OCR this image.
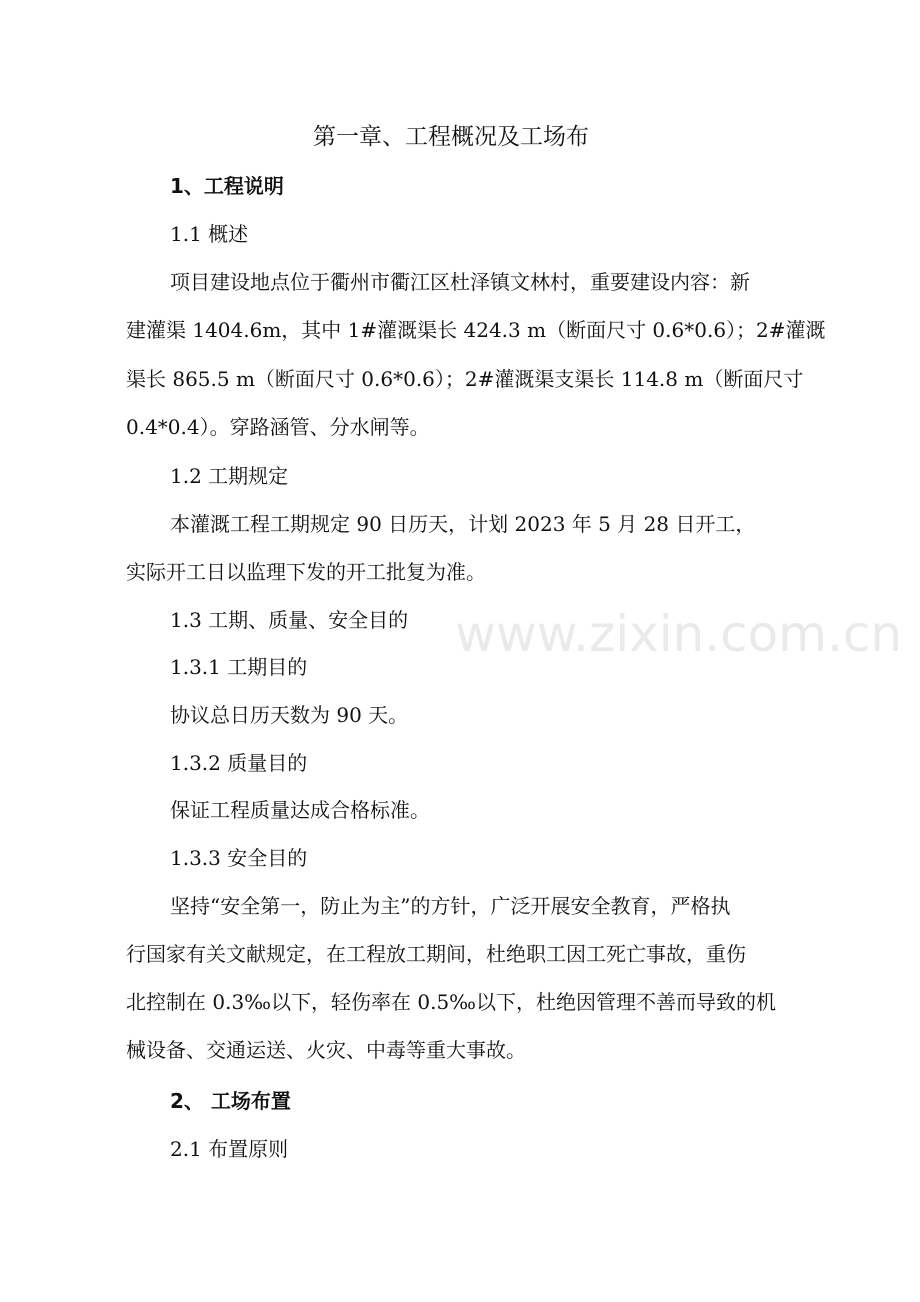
第一章、工程概况及工场布
1、工程说明
1.1 概述
项目建设地点位于衢州市衢江区杜泽镇文林村，重要建设内容：新
建灌渠 1404.6m，其中 1#灌溉渠长 424.3 m（断面尺寸 0.6*0.6）；2#灌溉
渠长 865.5 m（断面尺寸 0.6*0.6）；2#灌溉渠支渠长 114.8 m（断面尺寸
0.4*0.4）。穿路涵管、分水闸等。
1.2 工期规定
本灌溉工程工期规定 90 日历天，计划 2023 年 5 月 28 日开工，
实际开工日以监理下发的开工批复为准。
1.3 工期、质量、安全目的
1.3.1 工期目的
协议总日历天数为 90 天。
1.3.2 质量目的
保证工程质量达成合格标准。
1.3.3 安全目的
坚持“安全第一，防止为主”的方针，广泛开展安全教育，严格执
行国家有关文献规定，在工程放工期间，杜绝职工因工死亡事故，重伤
北控制在 0.3‰以下，轻伤率在 0.5‰以下，杜绝因管理不善而导致的机
械设备、交通运送、火灾、中毒等重大事故。
2、 工场布置
2.1 布置原则
www.zixin.com.cn
